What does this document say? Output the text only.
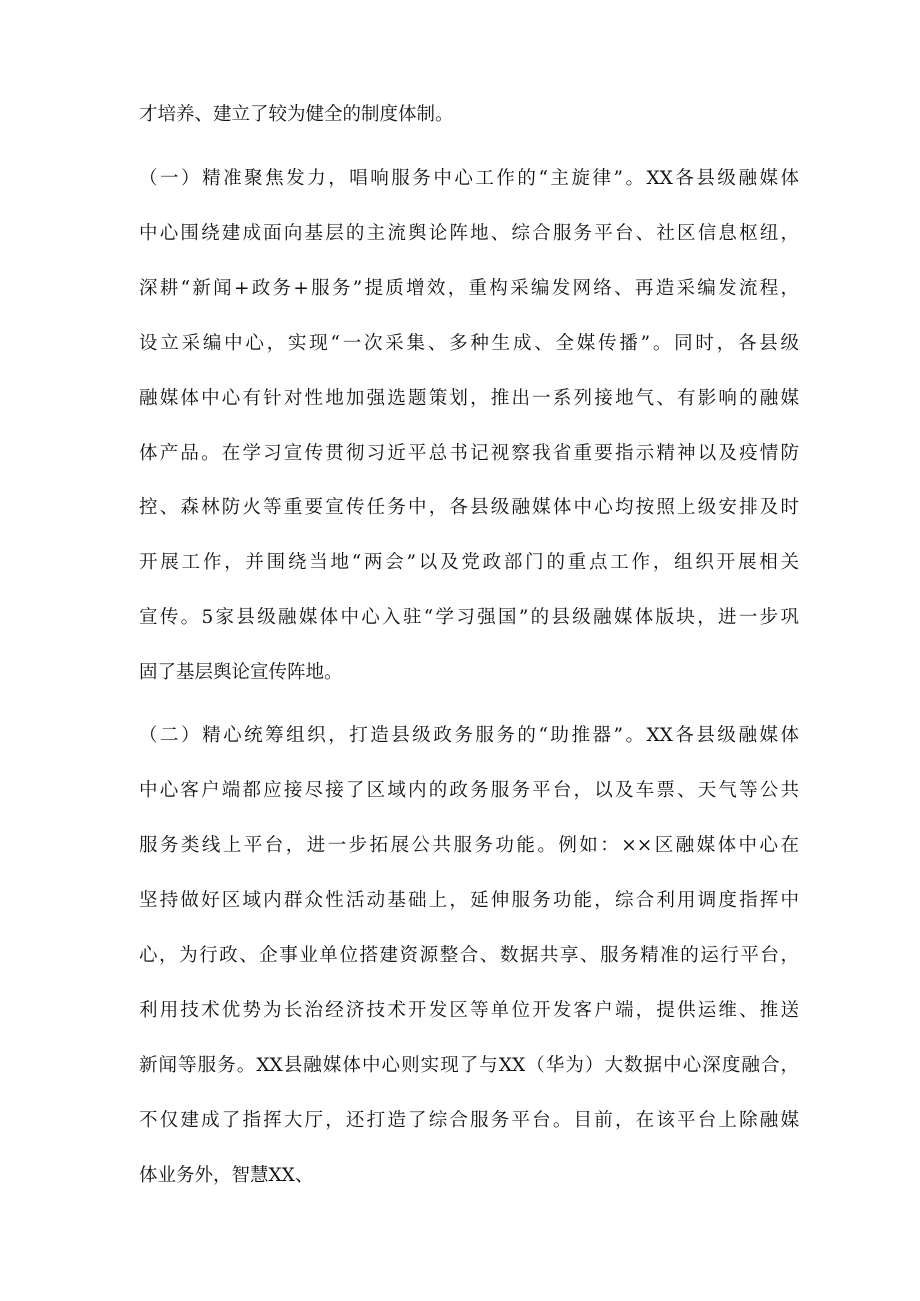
才培养、建立了较为健全的制度体制。
（一）精准聚焦发力，唱响服务中心工作的“主旋律”。XX各县级融媒体
中心围绕建成面向基层的主流舆论阵地、综合服务平台、社区信息枢纽，
深耕“新闻+政务+服务”提质增效，重构采编发网络、再造采编发流程，
设立采编中心，实现“一次采集、多种生成、全媒传播”。同时，各县级
融媒体中心有针对性地加强选题策划，推出一系列接地气、有影响的融媒
体产品。在学习宣传贯彻习近平总书记视察我省重要指示精神以及疫情防
控、森林防火等重要宣传任务中，各县级融媒体中心均按照上级安排及时
开展工作，并围绕当地“两会”以及党政部门的重点工作，组织开展相关
宣传。5家县级融媒体中心入驻“学习强国”的县级融媒体版块，进一步巩
固了基层舆论宣传阵地。
（二）精心统筹组织，打造县级政务服务的“助推器”。XX各县级融媒体
中心客户端都应接尽接了区域内的政务服务平台，以及车票、天气等公共
服务类线上平台，进一步拓展公共服务功能。例如：××区融媒体中心在
坚持做好区域内群众性活动基础上，延伸服务功能，综合利用调度指挥中
心，为行政、企事业单位搭建资源整合、数据共享、服务精准的运行平台，
利用技术优势为长治经济技术开发区等单位开发客户端，提供运维、推送
新闻等服务。XX县融媒体中心则实现了与XX（华为）大数据中心深度融合，
不仅建成了指挥大厅，还打造了综合服务平台。目前，在该平台上除融媒
体业务外，智慧XX、
